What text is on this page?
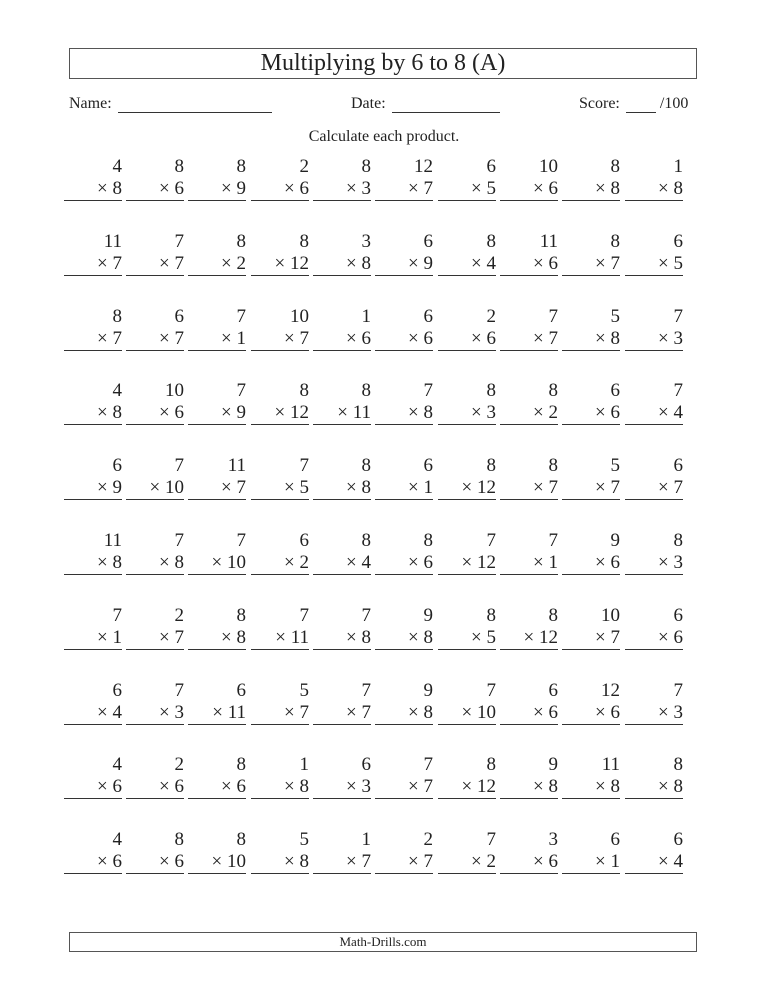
Multiplying by 6 to 8 (A)
Name:	Date:	Score:	/100
Calculate each product.
4
× 8
8
× 6
8
× 9
2
× 6
8
× 3
12
× 7
6
× 5
10
× 6
8
× 8
1
× 8
11
× 7
7
× 7
8
× 2
8
× 12
3
× 8
6
× 9
8
× 4
11
× 6
8
× 7
6
× 5
8
× 7
6
× 7
7
× 1
10
× 7
1
× 6
6
× 6
2
× 6
7
× 7
5
× 8
7
× 3
4
× 8
10
× 6
7
× 9
8
× 12
8
× 11
7
× 8
8
× 3
8
× 2
6
× 6
7
× 4
6
× 9
7
× 10
11
× 7
7
× 5
8
× 8
6
× 1
8
× 12
8
× 7
5
× 7
6
× 7
11
× 8
7
× 8
7
× 10
6
× 2
8
× 4
8
× 6
7
× 12
7
× 1
9
× 6
8
× 3
7
× 1
2
× 7
8
× 8
7
× 11
7
× 8
9
× 8
8
× 5
8
× 12
10
× 7
6
× 6
6
× 4
7
× 3
6
× 11
5
× 7
7
× 7
9
× 8
7
× 10
6
× 6
12
× 6
7
× 3
4
× 6
2
× 6
8
× 6
1
× 8
6
× 3
7
× 7
8
× 12
9
× 8
11
× 8
8
× 8
4
× 6
8
× 6
8
× 10
5
× 8
1
× 7
2
× 7
7
× 2
3
× 6
6
× 1
6
× 4
Math-Drills.com
